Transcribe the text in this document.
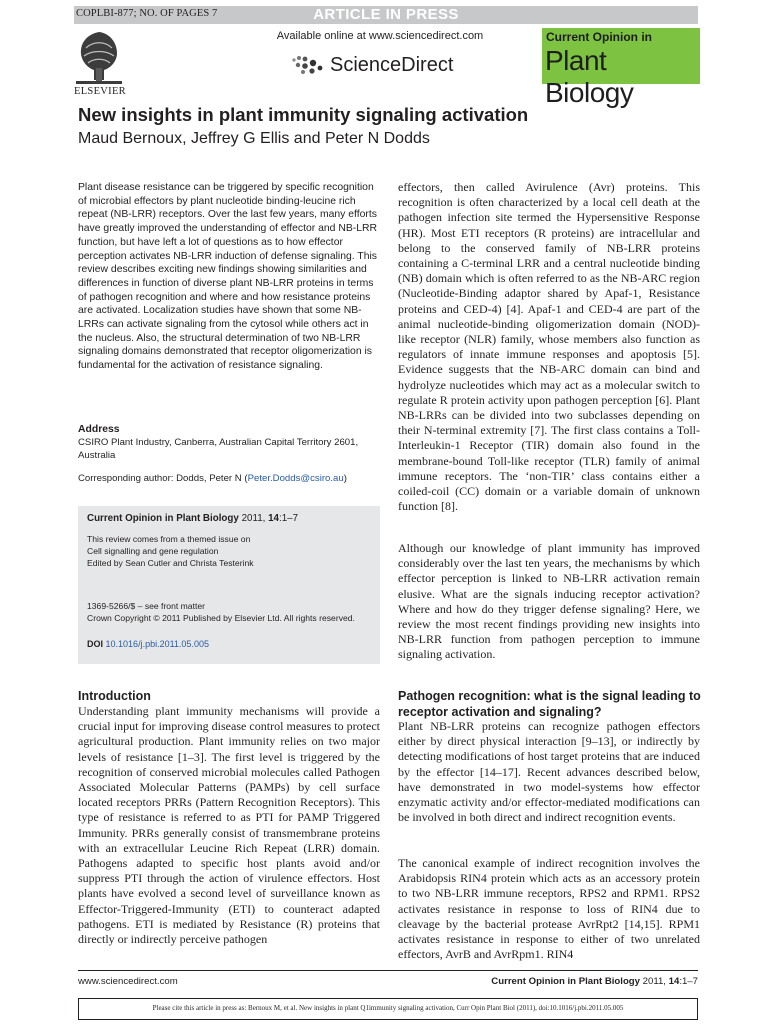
COPLBI-877; NO. OF PAGES 7	ARTICLE IN PRESS
ELSEVIER
Available online at www.sciencedirect.com
ScienceDirect
Current Opinion in
Plant Biology
New insights in plant immunity signaling activation
Maud Bernoux, Jeffrey G Ellis and Peter N Dodds

Plant disease resistance can be triggered by specific recognition of microbial effectors by plant nucleotide binding-leucine rich repeat (NB-LRR) receptors. Over the last few years, many efforts have greatly improved the understanding of effector and NB-LRR function, but have left a lot of questions as to how effector perception activates NB-LRR induction of defense signaling. This review describes exciting new findings showing similarities and differences in function of diverse plant NB-LRR proteins in terms of pathogen recognition and where and how resistance proteins are activated. Localization studies have shown that some NB-LRRs can activate signaling from the cytosol while others act in the nucleus. Also, the structural determination of two NB-LRR signaling domains demonstrated that receptor oligomerization is fundamental for the activation of resistance signaling.

Address
CSIRO Plant Industry, Canberra, Australian Capital Territory 2601, Australia
Corresponding author: Dodds, Peter N (Peter.Dodds@csiro.au)
Current Opinion in Plant Biology 2011, 14:1–7
This review comes from a themed issue on
Cell signalling and gene regulation
Edited by Sean Cutler and Christa Testerink
1369-5266/$ – see front matter
Crown Copyright © 2011 Published by Elsevier Ltd. All rights reserved.
DOI 10.1016/j.pbi.2011.05.005
Introduction

Understanding plant immunity mechanisms will provide a crucial input for improving disease control measures to protect agricultural production. Plant immunity relies on two major levels of resistance [1–3]. The first level is triggered by the recognition of conserved microbial molecules called Pathogen Associated Molecular Patterns (PAMPs) by cell surface located receptors PRRs (Pattern Recognition Receptors). This type of resistance is referred to as PTI for PAMP Triggered Immunity. PRRs generally consist of transmembrane proteins with an extracellular Leucine Rich Repeat (LRR) domain. Pathogens adapted to specific host plants avoid and/or suppress PTI through the action of virulence effectors. Host plants have evolved a second level of surveillance known as Effector-Triggered-Immunity (ETI) to counteract adapted pathogens. ETI is mediated by Resistance (R) proteins that directly or indirectly perceive pathogen

effectors, then called Avirulence (Avr) proteins. This recognition is often characterized by a local cell death at the pathogen infection site termed the Hypersensitive Response (HR). Most ETI receptors (R proteins) are intracellular and belong to the conserved family of NB-LRR proteins containing a C-terminal LRR and a central nucleotide binding (NB) domain which is often referred to as the NB-ARC region (Nucleotide-Binding adaptor shared by Apaf-1, Resistance proteins and CED-4) [4]. Apaf-1 and CED-4 are part of the animal nucleotide-binding oligomerization domain (NOD)-like receptor (NLR) family, whose members also function as regulators of innate immune responses and apoptosis [5]. Evidence suggests that the NB-ARC domain can bind and hydrolyze nucleotides which may act as a molecular switch to regulate R protein activity upon pathogen perception [6]. Plant NB-LRRs can be divided into two subclasses depending on their N-terminal extremity [7]. The first class contains a Toll-Interleukin-1 Receptor (TIR) domain also found in the membrane-bound Toll-like receptor (TLR) family of animal immune receptors. The ‘non-TIR’ class contains either a coiled-coil (CC) domain or a variable domain of unknown function [8].

Although our knowledge of plant immunity has improved considerably over the last ten years, the mechanisms by which effector perception is linked to NB-LRR activation remain elusive. What are the signals inducing receptor activation? Where and how do they trigger defense signaling? Here, we review the most recent findings providing new insights into NB-LRR function from pathogen perception to immune signaling activation.

Pathogen recognition: what is the signal leading to receptor activation and signaling?

Plant NB-LRR proteins can recognize pathogen effectors either by direct physical interaction [9–13], or indirectly by detecting modifications of host target proteins that are induced by the effector [14–17]. Recent advances described below, have demonstrated in two model-systems how effector enzymatic activity and/or effector-mediated modifications can be involved in both direct and indirect recognition events.

The canonical example of indirect recognition involves the Arabidopsis RIN4 protein which acts as an accessory protein to two NB-LRR immune receptors, RPS2 and RPM1. RPS2 activates resistance in response to loss of RIN4 due to cleavage by the bacterial protease AvrRpt2 [14,15]. RPM1 activates resistance in response to either of two unrelated effectors, AvrB and AvrRpm1. RIN4

www.sciencedirect.com	Current Opinion in Plant Biology 2011, 14:1–7
Please cite this article in press as: Bernoux M, et al. New insights in plant Q1immunity signaling activation, Curr Opin Plant Biol (2011), doi:10.1016/j.pbi.2011.05.005
